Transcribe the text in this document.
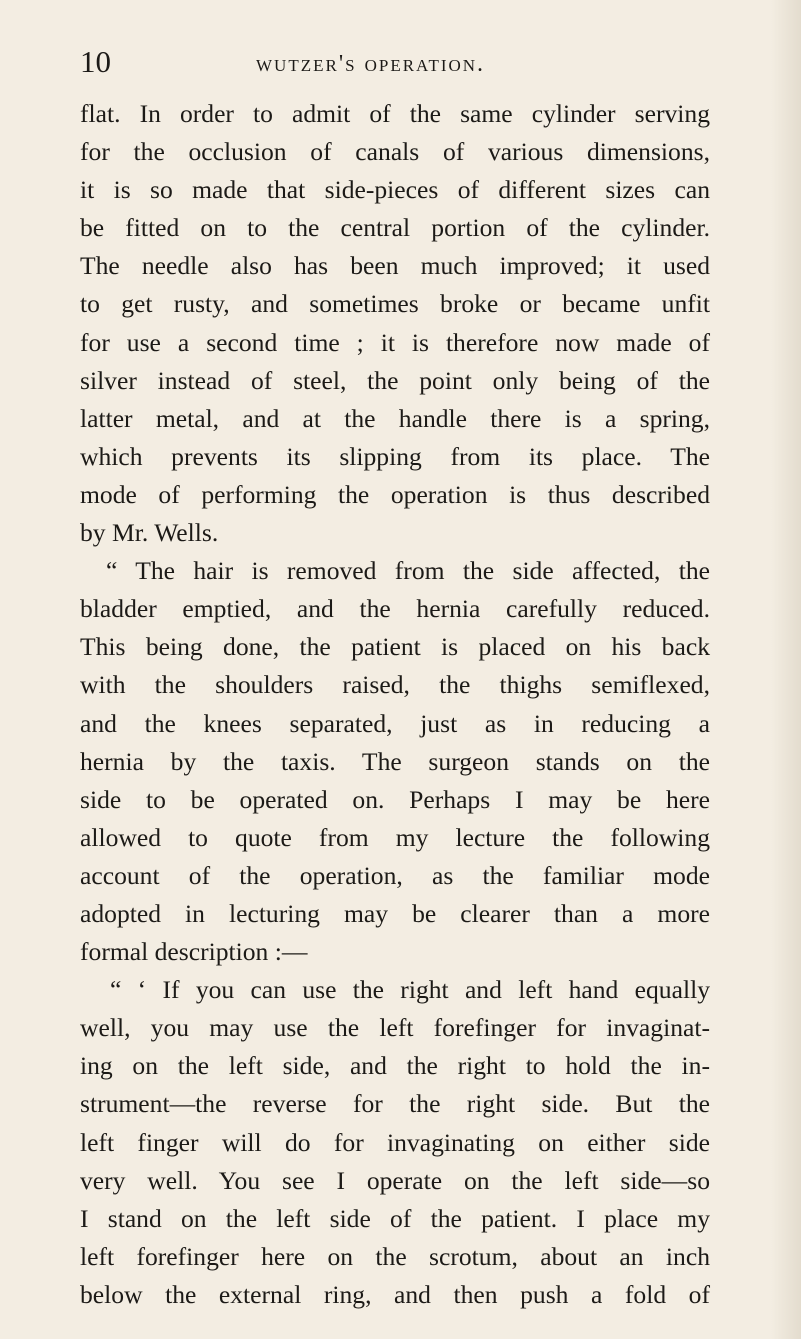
10	wutzer's operation.
flat. In order to admit of the same cylinder serving
for the occlusion of canals of various dimensions,
it is so made that side-pieces of different sizes can
be fitted on to the central portion of the cylinder.
The needle also has been much improved; it used
to get rusty, and sometimes broke or became unfit
for use a second time ; it is therefore now made of
silver instead of steel, the point only being of the
latter metal, and at the handle there is a spring,
which prevents its slipping from its place. The
mode of performing the operation is thus described
by Mr. Wells.
“ The hair is removed from the side affected, the
bladder emptied, and the hernia carefully reduced.
This being done, the patient is placed on his back
with the shoulders raised, the thighs semiflexed,
and the knees separated, just as in reducing a
hernia by the taxis. The surgeon stands on the
side to be operated on. Perhaps I may be here
allowed to quote from my lecture the following
account of the operation, as the familiar mode
adopted in lecturing may be clearer than a more
formal description :—
“ ‘ If you can use the right and left hand equally
well, you may use the left forefinger for invaginat-
ing on the left side, and the right to hold the in-
strument—the reverse for the right side. But the
left finger will do for invaginating on either side
very well. You see I operate on the left side—so
I stand on the left side of the patient. I place my
left forefinger here on the scrotum, about an inch
below the external ring, and then push a fold of
